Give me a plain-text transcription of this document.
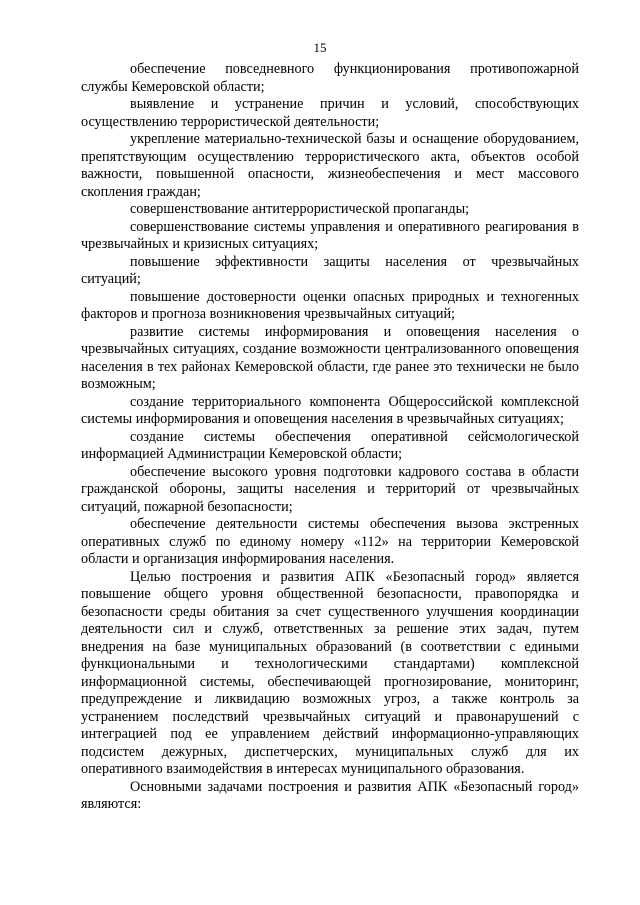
15

обеспечение повседневного функционирования противопожарной службы Кемеровской области;

выявление и устранение причин и условий, способствующих осуществлению террористической деятельности;

укрепление материально-технической базы и оснащение оборудованием, препятствующим осуществлению террористического акта, объектов особой важности, повышенной опасности, жизнеобеспечения и мест массового скопления граждан;

совершенствование антитеррористической пропаганды;

совершенствование системы управления и оперативного реагирования в чрезвычайных и кризисных ситуациях;

повышение эффективности защиты населения от чрезвычайных ситуаций;

повышение достоверности оценки опасных природных и техногенных факторов и прогноза возникновения чрезвычайных ситуаций;

развитие системы информирования и оповещения населения о чрезвычайных ситуациях, создание возможности централизованного оповещения населения в тех районах Кемеровской области, где ранее это технически не было возможным;

создание территориального компонента Общероссийской комплексной системы информирования и оповещения населения в чрезвычайных ситуациях;

создание системы обеспечения оперативной сейсмологической информацией Администрации Кемеровской области;

обеспечение высокого уровня подготовки кадрового состава в области гражданской обороны, защиты населения и территорий от чрезвычайных ситуаций, пожарной безопасности;

обеспечение деятельности системы обеспечения вызова экстренных оперативных служб по единому номеру «112» на территории Кемеровской области и организация информирования населения.

Целью построения и развития АПК «Безопасный город» является повышение общего уровня общественной безопасности, правопорядка и безопасности среды обитания за счет существенного улучшения координации деятельности сил и служб, ответственных за решение этих задач, путем внедрения на базе муниципальных образований (в соответствии с едиными функциональными и технологическими стандартами) комплексной информационной системы, обеспечивающей прогнозирование, мониторинг, предупреждение и ликвидацию возможных угроз, а также контроль за устранением последствий чрезвычайных ситуаций и правонарушений с интеграцией под ее управлением действий информационно-управляющих подсистем дежурных, диспетчерских, муниципальных служб для их оперативного взаимодействия в интересах муниципального образования.

Основными задачами построения и развития АПК «Безопасный город» являются:
